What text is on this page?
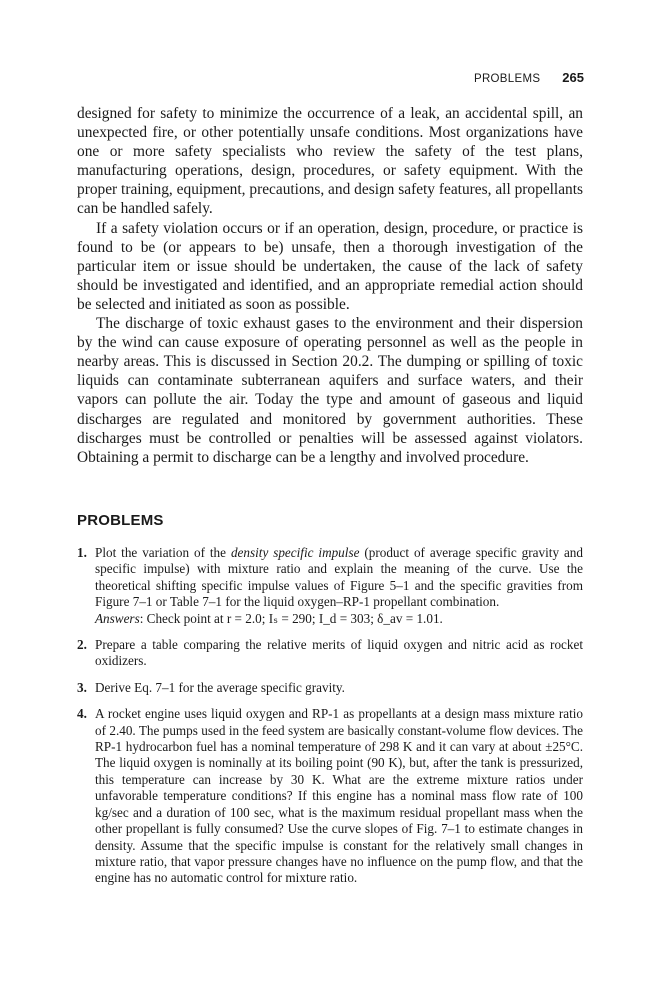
PROBLEMS 265

designed for safety to minimize the occurrence of a leak, an accidental spill, an unexpected fire, or other potentially unsafe conditions. Most organizations have one or more safety specialists who review the safety of the test plans, manufacturing operations, design, procedures, or safety equipment. With the proper training, equipment, precautions, and design safety features, all propellants can be handled safely.

If a safety violation occurs or if an operation, design, procedure, or practice is found to be (or appears to be) unsafe, then a thorough investigation of the particular item or issue should be undertaken, the cause of the lack of safety should be investigated and identified, and an appropriate remedial action should be selected and initiated as soon as possible.

The discharge of toxic exhaust gases to the environment and their dispersion by the wind can cause exposure of operating personnel as well as the people in nearby areas. This is discussed in Section 20.2. The dumping or spilling of toxic liquids can contaminate subterranean aquifers and surface waters, and their vapors can pollute the air. Today the type and amount of gaseous and liquid discharges are regulated and monitored by government authorities. These discharges must be controlled or penalties will be assessed against violators. Obtaining a permit to discharge can be a lengthy and involved procedure.

PROBLEMS
1. Plot the variation of the density specific impulse (product of average specific gravity and specific impulse) with mixture ratio and explain the meaning of the curve. Use the theoretical shifting specific impulse values of Figure 5–1 and the specific gravities from Figure 7–1 or Table 7–1 for the liquid oxygen–RP-1 propellant combination.
Answers: Check point at r = 2.0; Iₛ = 290; I_d = 303; δ_av = 1.01.
2. Prepare a table comparing the relative merits of liquid oxygen and nitric acid as rocket oxidizers.
3. Derive Eq. 7–1 for the average specific gravity.
4. A rocket engine uses liquid oxygen and RP-1 as propellants at a design mass mixture ratio of 2.40. The pumps used in the feed system are basically constant-volume flow devices. The RP-1 hydrocarbon fuel has a nominal temperature of 298 K and it can vary at about ±25°C. The liquid oxygen is nominally at its boiling point (90 K), but, after the tank is pressurized, this temperature can increase by 30 K. What are the extreme mixture ratios under unfavorable temperature conditions? If this engine has a nominal mass flow rate of 100 kg/sec and a duration of 100 sec, what is the maximum residual propellant mass when the other propellant is fully consumed? Use the curve slopes of Fig. 7–1 to estimate changes in density. Assume that the specific impulse is constant for the relatively small changes in mixture ratio, that vapor pressure changes have no influence on the pump flow, and that the engine has no automatic control for mixture ratio.
